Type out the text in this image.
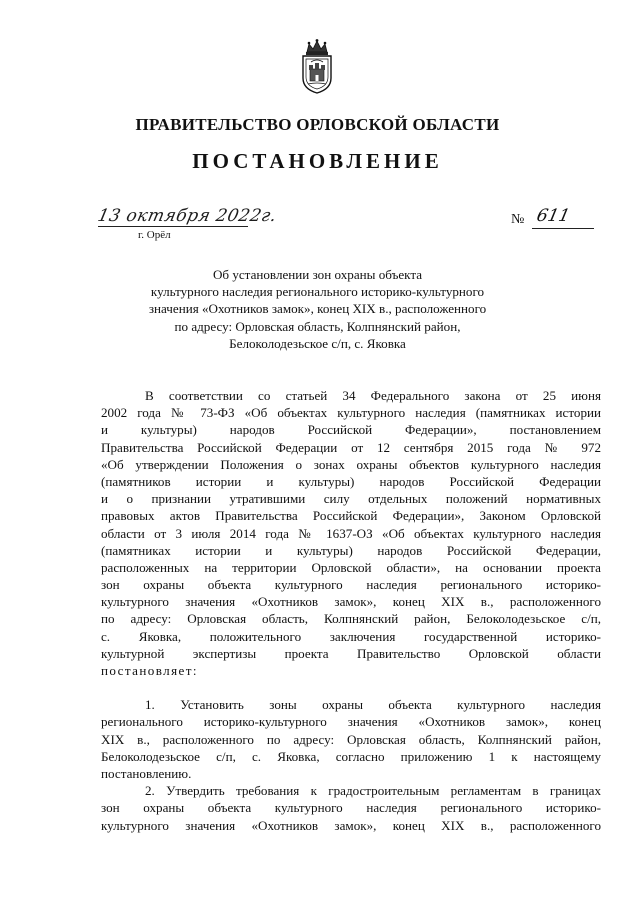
ПРАВИТЕЛЬСТВО ОРЛОВСКОЙ ОБЛАСТИ
ПОСТАНОВЛЕНИЕ
13 октября 2022г.
г. Орёл
№ 611
Об установлении зон охраны объекта
культурного наследия регионального историко-культурного
значения «Охотников замок», конец XIX в., расположенного
по адресу: Орловская область, Колпнянский район,
Белоколодезьское с/п, с. Яковка
В соответствии со статьей 34 Федерального закона от 25 июня
2002 года № 73-ФЗ «Об объектах культурного наследия (памятниках истории
и культуры) народов Российской Федерации», постановлением
Правительства Российской Федерации от 12 сентября 2015 года № 972
«Об утверждении Положения о зонах охраны объектов культурного наследия
(памятников истории и культуры) народов Российской Федерации
и о признании утратившими силу отдельных положений нормативных
правовых актов Правительства Российской Федерации», Законом Орловской
области от 3 июля 2014 года № 1637-ОЗ «Об объектах культурного наследия
(памятниках истории и культуры) народов Российской Федерации,
расположенных на территории Орловской области», на основании проекта
зон охраны объекта культурного наследия регионального историко-
культурного значения «Охотников замок», конец XIX в., расположенного
по адресу: Орловская область, Колпнянский район, Белоколодезьское с/п,
с. Яковка, положительного заключения государственной историко-
культурной экспертизы проекта Правительство Орловской области
постановляет:
1. Установить зоны охраны объекта культурного наследия
регионального историко-культурного значения «Охотников замок», конец
XIX в., расположенного по адресу: Орловская область, Колпнянский район,
Белоколодезьское с/п, с. Яковка, согласно приложению 1 к настоящему
постановлению.
2. Утвердить требования к градостроительным регламентам в границах
зон охраны объекта культурного наследия регионального историко-
культурного значения «Охотников замок», конец XIX в., расположенного
